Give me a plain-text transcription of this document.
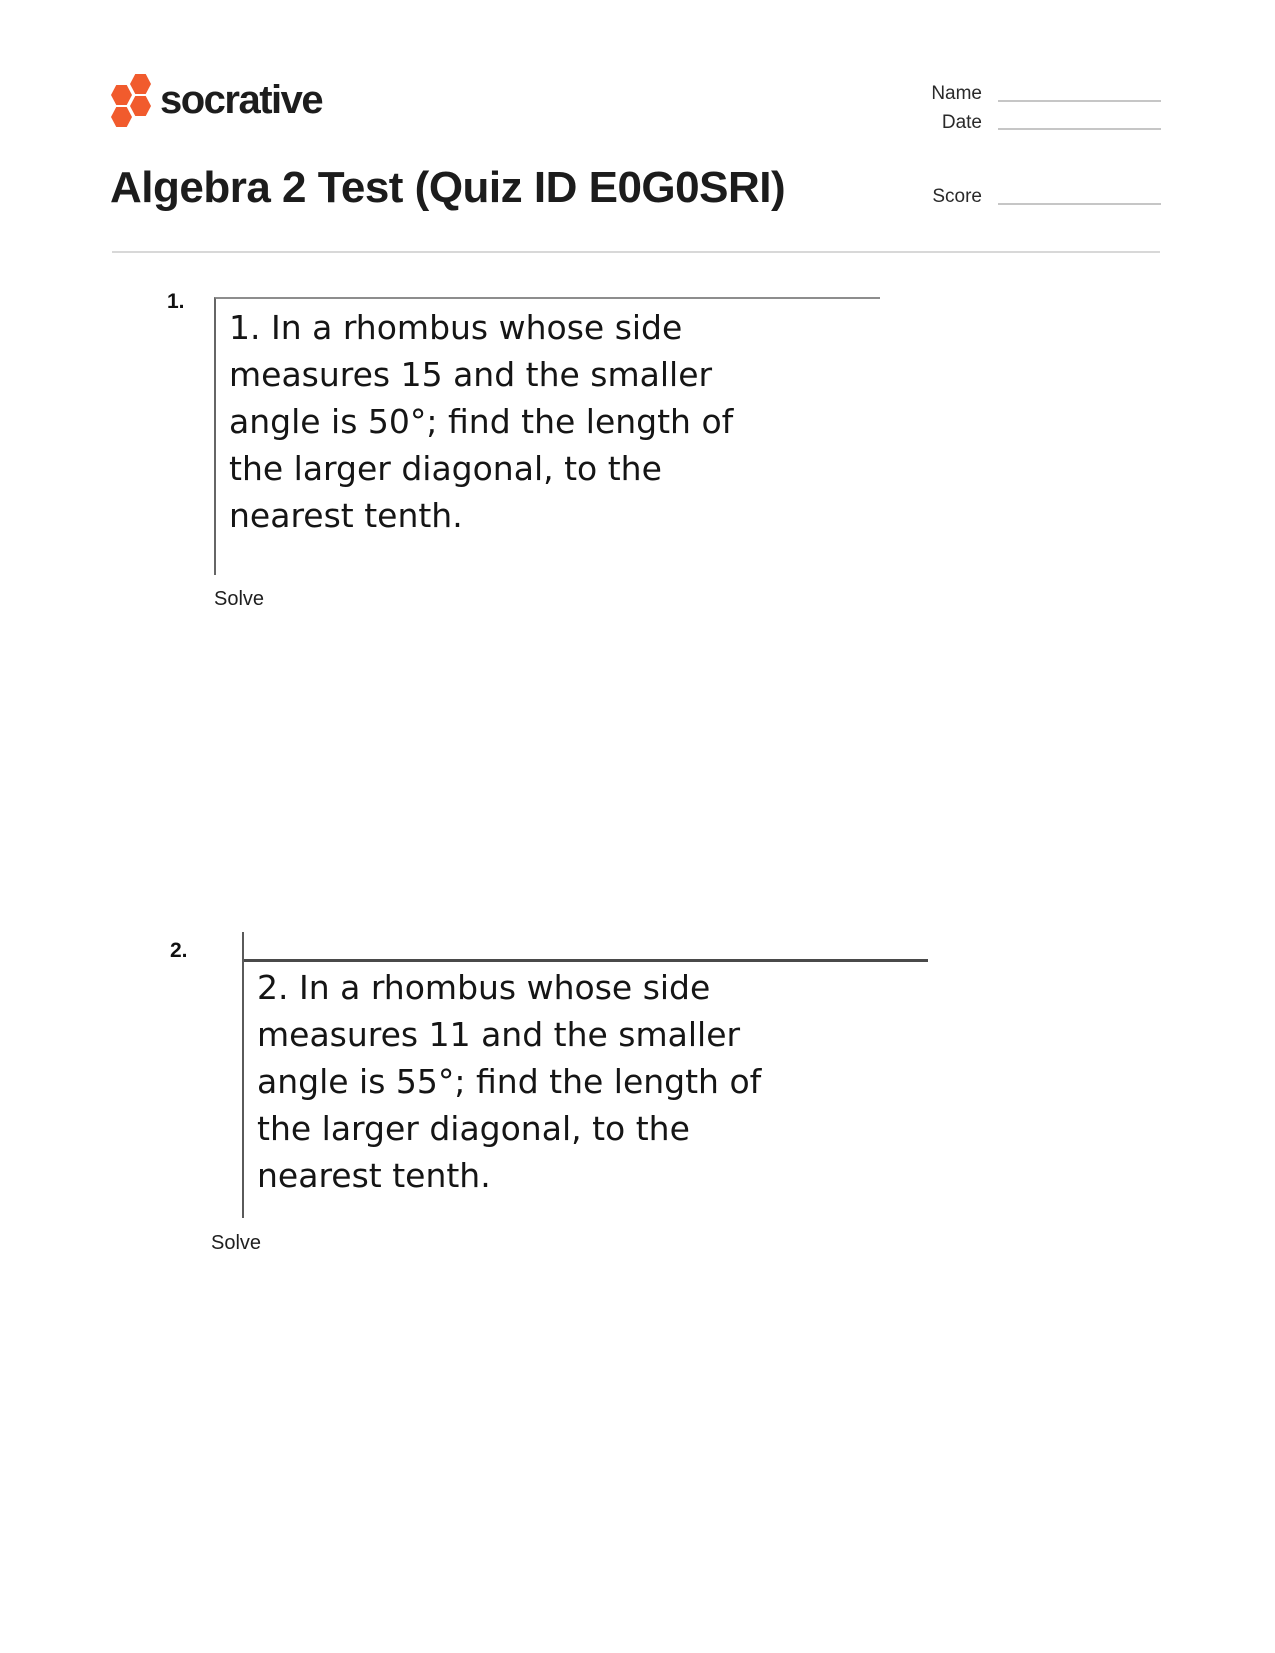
socrative	Name
Date
Score
Algebra 2 Test (Quiz ID E0G0SRI)
1.
1. In a rhombus whose side
measures 15 and the smaller
angle is 50°; find the length of
the larger diagonal, to the
nearest tenth.
Solve
2.
2. In a rhombus whose side
measures 11 and the smaller
angle is 55°; find the length of
the larger diagonal, to the
nearest tenth.
Solve
